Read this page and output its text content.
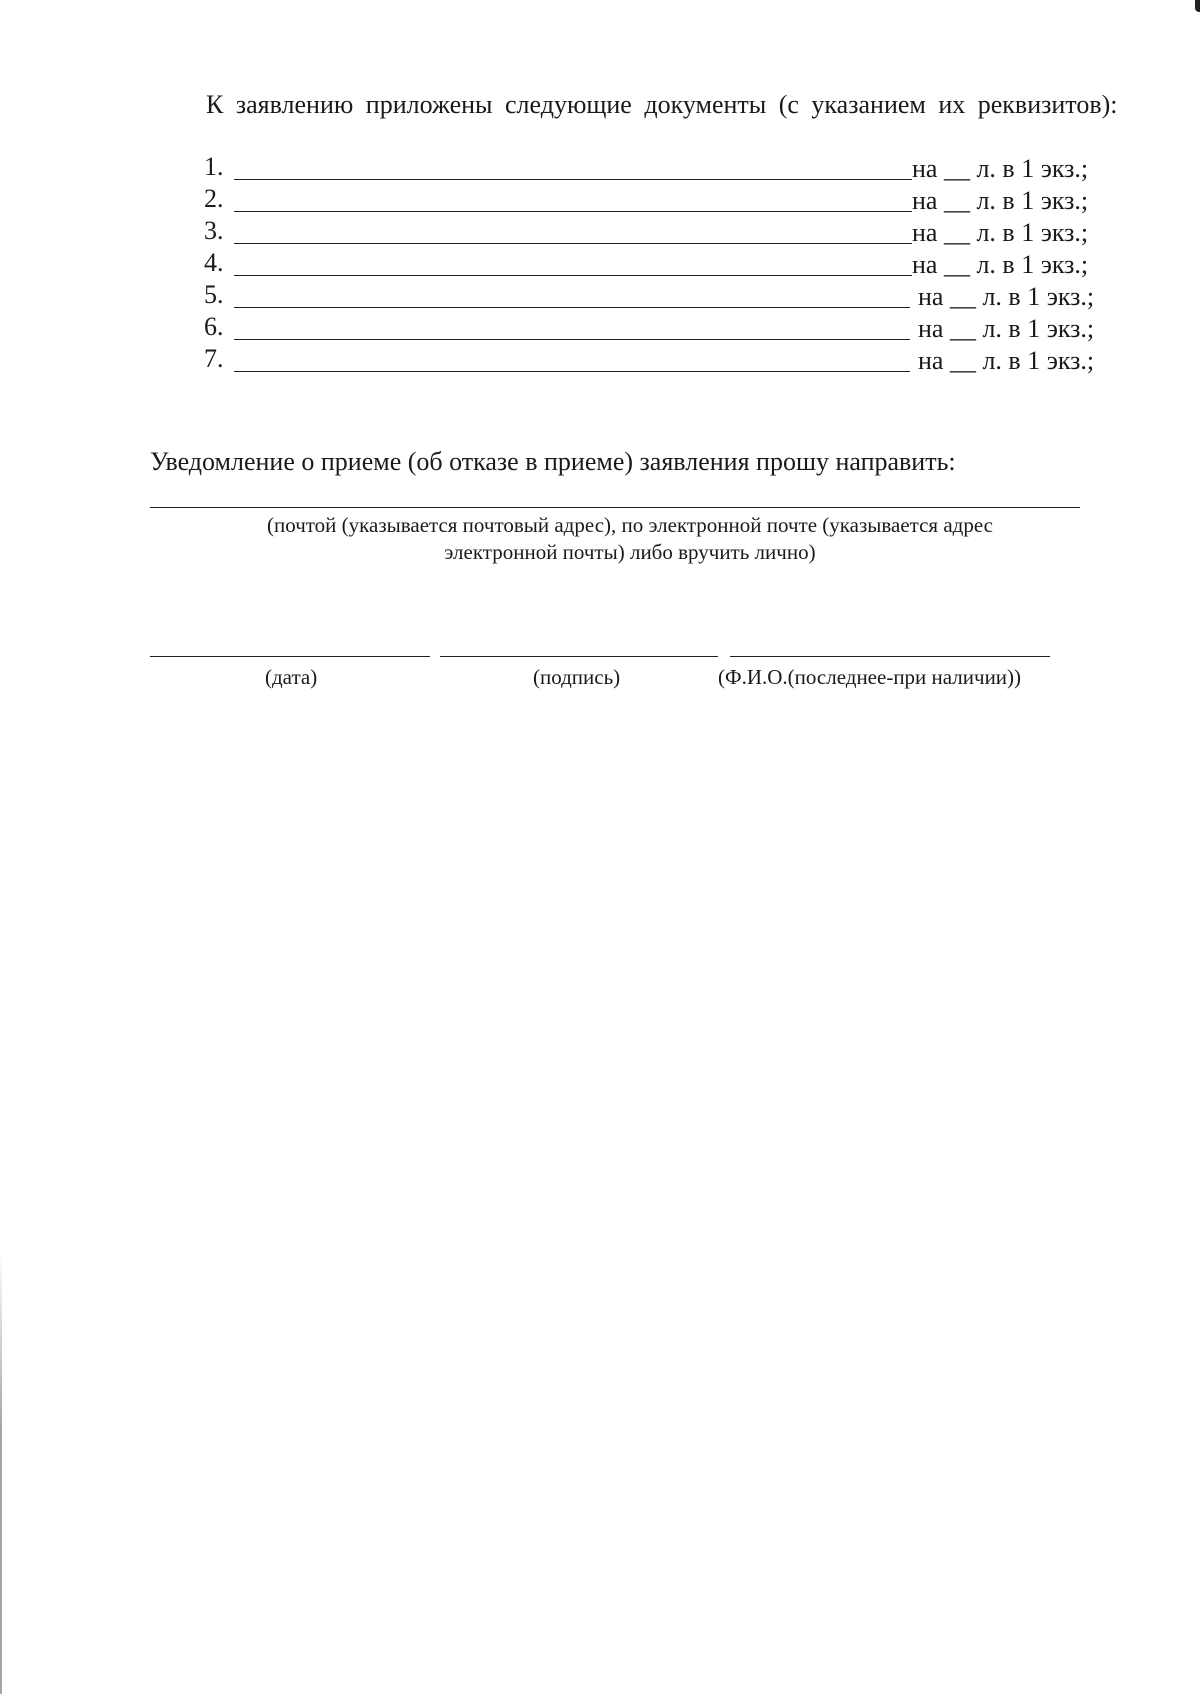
К заявлению приложены следующие документы (с указанием их реквизитов):
1.	на __ л. в 1 экз.;
2.	на __ л. в 1 экз.;
3.	на __ л. в 1 экз.;
4.	на __ л. в 1 экз.;
5.	на __ л. в 1 экз.;
6.	на __ л. в 1 экз.;
7.	на __ л. в 1 экз.;
Уведомление о приеме (об отказе в приеме) заявления прошу направить:
(почтой (указывается почтовый адрес), по электронной почте (указывается адрес
электронной почты) либо вручить лично)
(дата)	(подпись)	(Ф.И.О.(последнее-при наличии))
